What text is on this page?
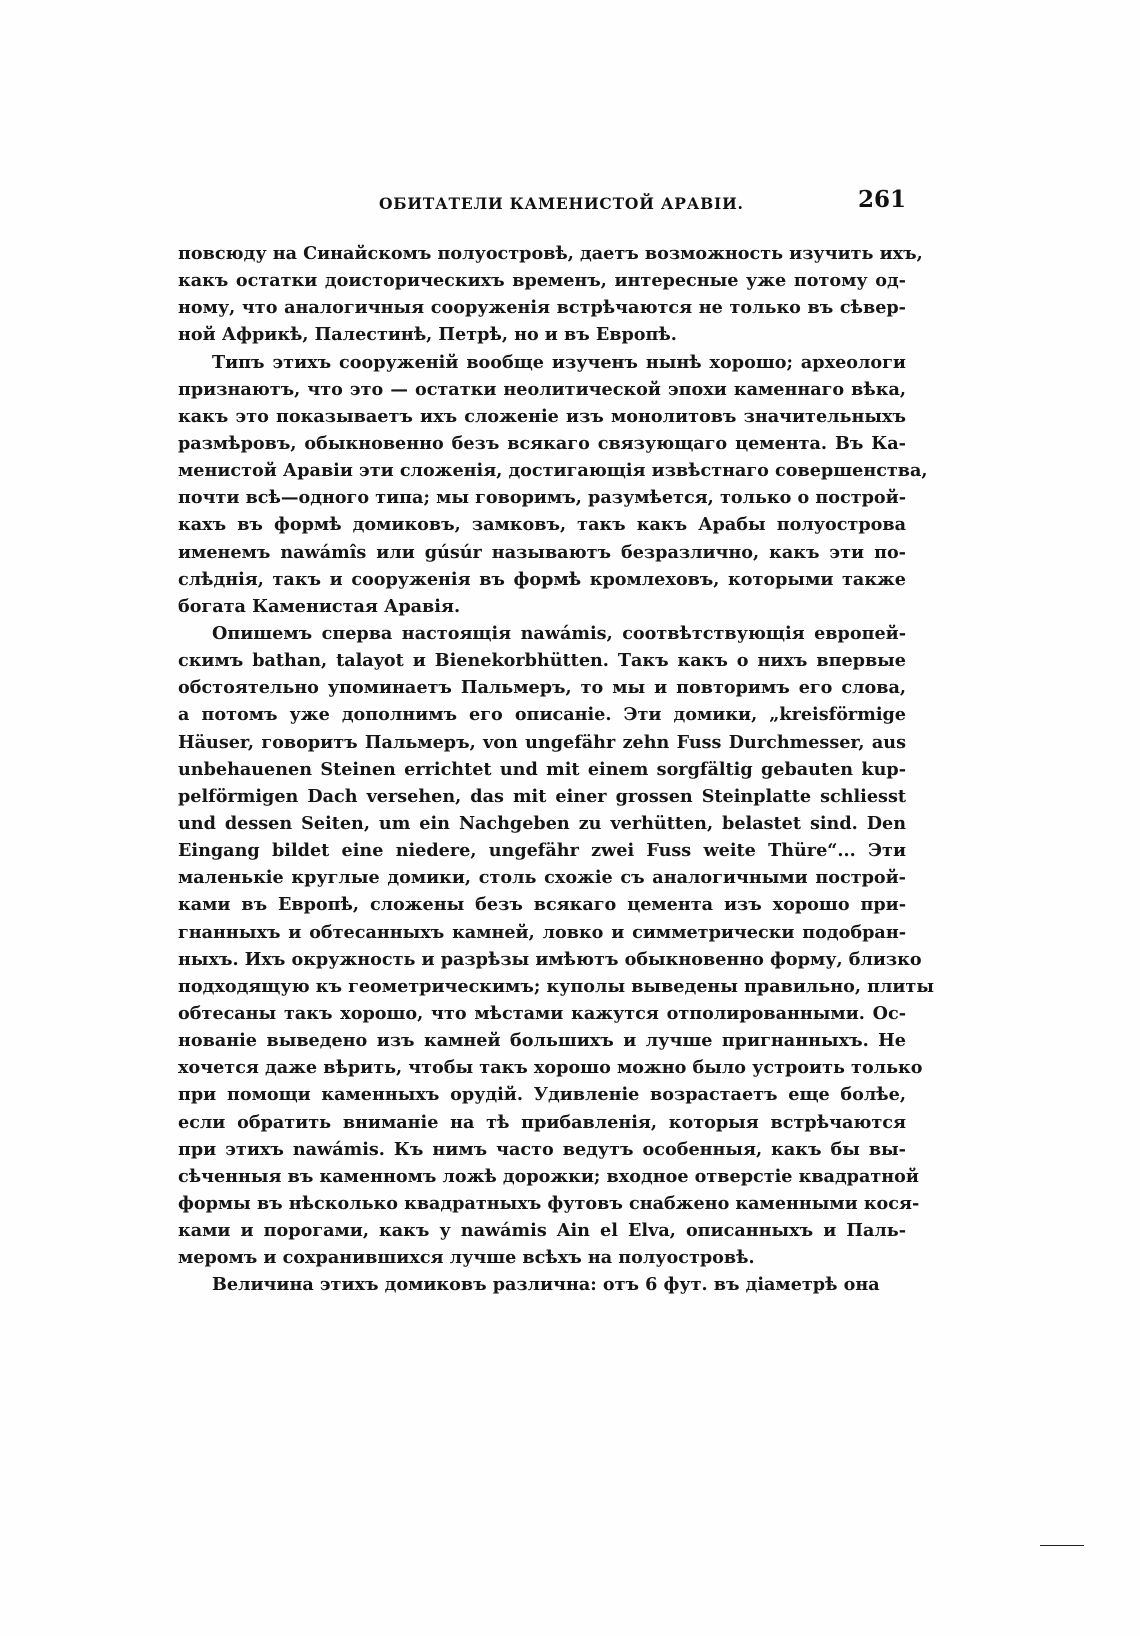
ОБИТАТЕЛИ КАМЕНИСТОЙ АРАВІИ.	261
повсюду на Синайскомъ полуостровѣ, даетъ возможность изучить ихъ,
какъ остатки доисторическихъ временъ, интересные уже потому од-
ному, что аналогичныя сооруженія встрѣчаются не только въ сѣвер-
ной Африкѣ, Палестинѣ, Петрѣ, но и въ Европѣ.
Типъ этихъ сооруженій вообще изученъ нынѣ хорошо; археологи
признаютъ, что это — остатки неолитической эпохи каменнаго вѣка,
какъ это показываетъ ихъ сложеніе изъ монолитовъ значительныхъ
размѣровъ, обыкновенно безъ всякаго связующаго цемента. Въ Ка-
менистой Аравіи эти сложенія, достигающія извѣстнаго совершенства,
почти всѣ—одного типа; мы говоримъ, разумѣется, только о построй-
кахъ въ формѣ домиковъ, замковъ, такъ какъ Арабы полуострова
именемъ nawámîs или gúsúr называютъ безразлично, какъ эти по-
слѣднія, такъ и сооруженія въ формѣ кромлеховъ, которыми также
богата Каменистая Аравія.
Опишемъ сперва настоящія nawámis, соотвѣтствующія европей-
скимъ bathan, talayot и Bienekorbhütten. Такъ какъ о нихъ впервые
обстоятельно упоминаетъ Пальмеръ, то мы и повторимъ его слова,
а потомъ уже дополнимъ его описаніе. Эти домики, „kreisförmige
Häuser, говоритъ Пальмеръ, von ungefähr zehn Fuss Durchmesser, aus
unbehauenen Steinen errichtet und mit einem sorgfältig gebauten kup-
pelförmigen Dach versehen, das mit einer grossen Steinplatte schliesst
und dessen Seiten, um ein Nachgeben zu verhütten, belastet sind. Den
Eingang bildet eine niedere, ungefähr zwei Fuss weite Thüre“... Эти
маленькіе круглые домики, столь схожіе съ аналогичными построй-
ками въ Европѣ, сложены безъ всякаго цемента изъ хорошо при-
гнанныхъ и обтесанныхъ камней, ловко и симметрически подобран-
ныхъ. Ихъ окружность и разрѣзы имѣютъ обыкновенно форму, близко
подходящую къ геометрическимъ; куполы выведены правильно, плиты
обтесаны такъ хорошо, что мѣстами кажутся отполированными. Ос-
нованіе выведено изъ камней большихъ и лучше пригнанныхъ. Не
хочется даже вѣрить, чтобы такъ хорошо можно было устроить только
при помощи каменныхъ орудій. Удивленіе возрастаетъ еще болѣе,
если обратить вниманіе на тѣ прибавленія, которыя встрѣчаются
при этихъ nawámis. Къ нимъ часто ведутъ особенныя, какъ бы вы-
сѣченныя въ каменномъ ложѣ дорожки; входное отверстіе квадратной
формы въ нѣсколько квадратныхъ футовъ снабжено каменными кося-
ками и порогами, какъ у nawámis Ain el Elva, описанныхъ и Паль-
меромъ и сохранившихся лучше всѣхъ на полуостровѣ.
Величина этихъ домиковъ различна: отъ 6 фут. въ діаметрѣ она
